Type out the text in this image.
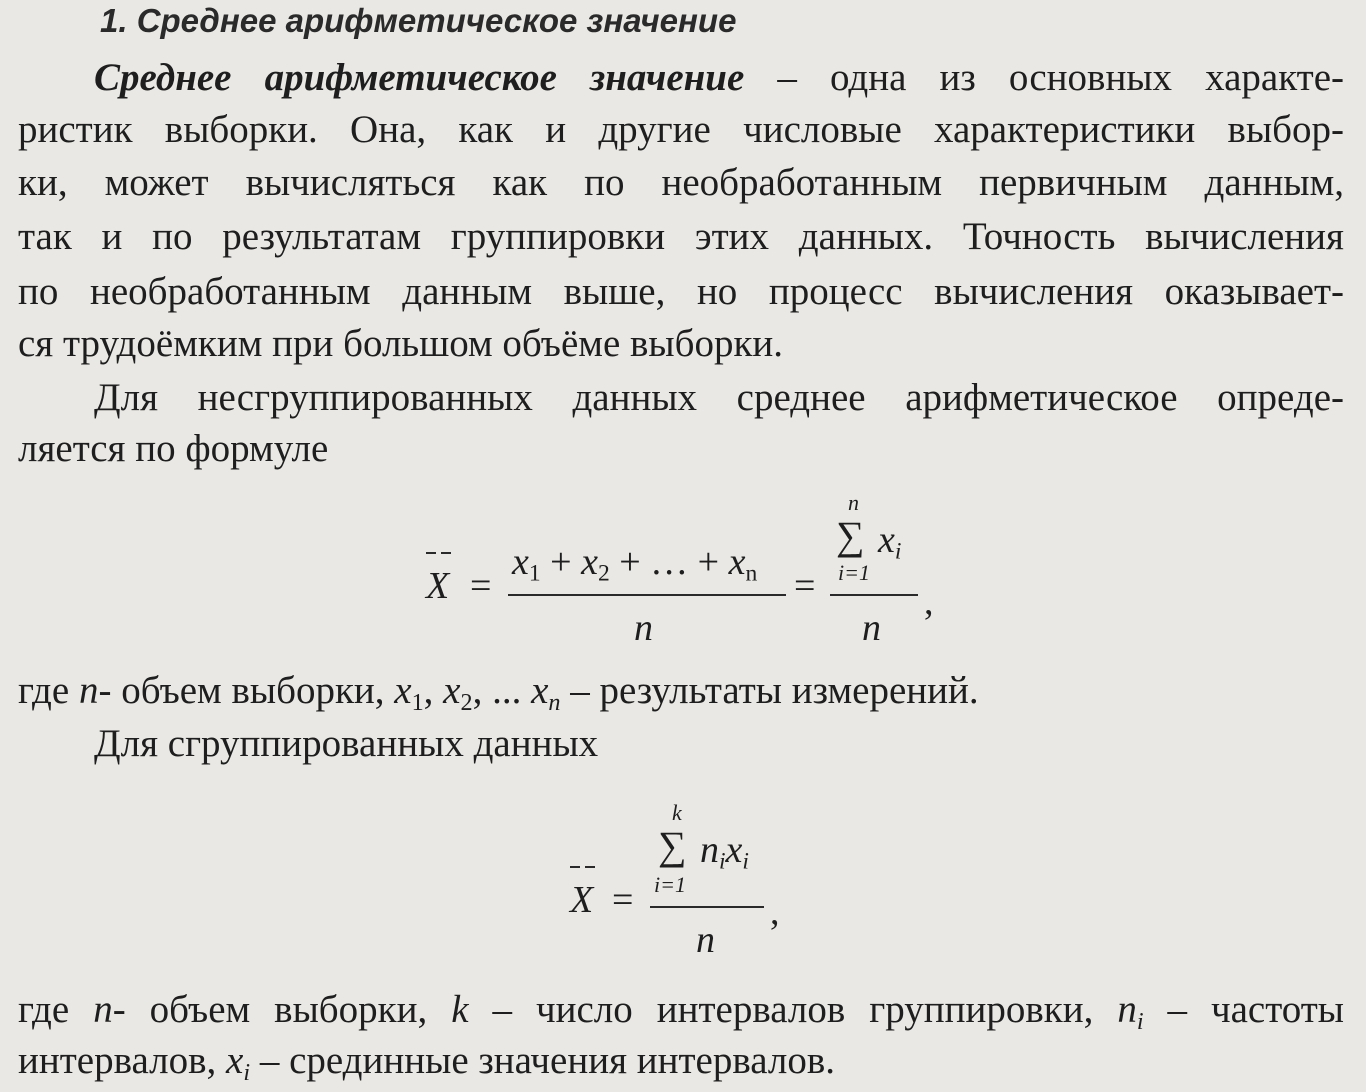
1. Среднее арифметическое значение
Среднее арифметическое значение – одна из основных характе-
ристик выборки. Она, как и другие числовые характеристики выбор-
ки, может вычисляться как по необработанным первичным данным,
так и по результатам группировки этих данных. Точность вычисления
по необработанным данным выше, но процесс вычисления оказывает-
ся трудоёмким при большом объёме выборки.
Для несгруппированных данных среднее арифметическое опреде-
ляется по формуле
X =
$x_1 + x_2$ + … + $x_n$
n
=
n
∑ $x_i$
i=1
n
,
где n- объем выборки, $x_1$, $x_2$, ... $x_n$ – результаты измерений.
Для сгруппированных данных
X =
k
∑ $n_ix_i$
i=1
n
,
где n- объем выборки, k – число интервалов группировки, $n_i$ – частоты
интервалов, $x_i$ – срединные значения интервалов.
